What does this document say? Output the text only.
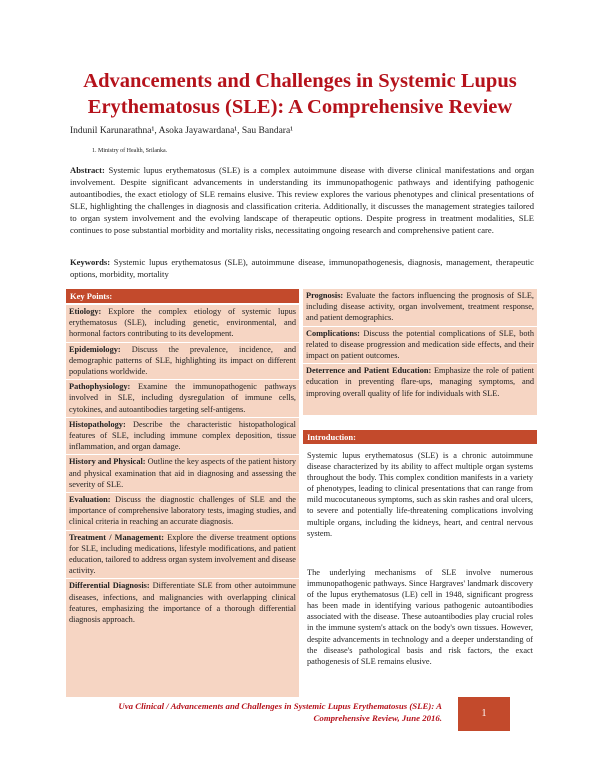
Advancements and Challenges in Systemic Lupus Erythematosus (SLE): A Comprehensive Review
Indunil Karunarathna¹, Asoka Jayawardana¹, Sau Bandara¹
1. Ministry of Health, Srilanka.
Abstract: Systemic lupus erythematosus (SLE) is a complex autoimmune disease with diverse clinical manifestations and organ involvement. Despite significant advancements in understanding its immunopathogenic pathways and identifying pathogenic autoantibodies, the exact etiology of SLE remains elusive. This review explores the various phenotypes and clinical presentations of SLE, highlighting the challenges in diagnosis and classification criteria. Additionally, it discusses the management strategies tailored to organ system involvement and the evolving landscape of therapeutic options. Despite progress in treatment modalities, SLE continues to pose substantial morbidity and mortality risks, necessitating ongoing research and comprehensive patient care.
Keywords: Systemic lupus erythematosus (SLE), autoimmune disease, immunopathogenesis, diagnosis, management, therapeutic options, morbidity, mortality
Key Points:
Etiology: Explore the complex etiology of systemic lupus erythematosus (SLE), including genetic, environmental, and hormonal factors contributing to its development.
Epidemiology: Discuss the prevalence, incidence, and demographic patterns of SLE, highlighting its impact on different populations worldwide.
Pathophysiology: Examine the immunopathogenic pathways involved in SLE, including dysregulation of immune cells, cytokines, and autoantibodies targeting self-antigens.
Histopathology: Describe the characteristic histopathological features of SLE, including immune complex deposition, tissue inflammation, and organ damage.
History and Physical: Outline the key aspects of the patient history and physical examination that aid in diagnosing and assessing the severity of SLE.
Evaluation: Discuss the diagnostic challenges of SLE and the importance of comprehensive laboratory tests, imaging studies, and clinical criteria in reaching an accurate diagnosis.
Treatment / Management: Explore the diverse treatment options for SLE, including medications, lifestyle modifications, and patient education, tailored to address organ system involvement and disease activity.
Differential Diagnosis: Differentiate SLE from other autoimmune diseases, infections, and malignancies with overlapping clinical features, emphasizing the importance of a thorough differential diagnosis approach.
Prognosis: Evaluate the factors influencing the prognosis of SLE, including disease activity, organ involvement, treatment response, and patient demographics.
Complications: Discuss the potential complications of SLE, both related to disease progression and medication side effects, and their impact on patient outcomes.
Deterrence and Patient Education: Emphasize the role of patient education in preventing flare-ups, managing symptoms, and improving overall quality of life for individuals with SLE.
Introduction:
Systemic lupus erythematosus (SLE) is a chronic autoimmune disease characterized by its ability to affect multiple organ systems throughout the body. This complex condition manifests in a variety of phenotypes, leading to clinical presentations that can range from mild mucocutaneous symptoms, such as skin rashes and oral ulcers, to severe and potentially life-threatening complications involving multiple organs, including the kidneys, heart, and central nervous system.
The underlying mechanisms of SLE involve numerous immunopathogenic pathways. Since Hargraves' landmark discovery of the lupus erythematosus (LE) cell in 1948, significant progress has been made in identifying various pathogenic autoantibodies associated with the disease. These autoantibodies play crucial roles in the immune system's attack on the body's own tissues. However, despite advancements in technology and a deeper understanding of the disease's pathological basis and risk factors, the exact pathogenesis of SLE remains elusive.
Uva Clinical / Advancements and Challenges in Systemic Lupus Erythematosus (SLE): A Comprehensive Review, June 2016.	1
